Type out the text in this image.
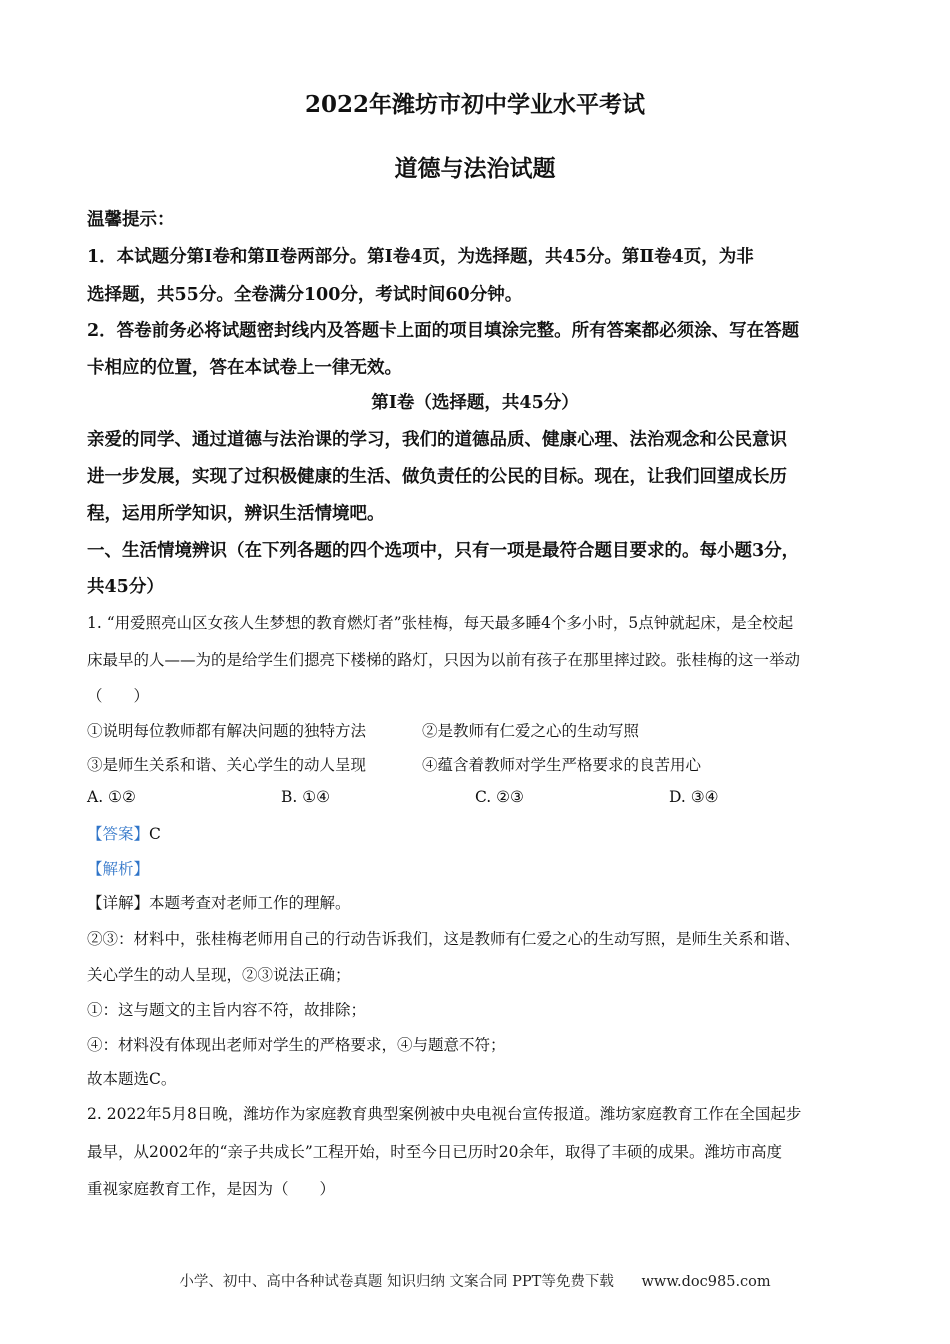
2022年潍坊市初中学业水平考试
道德与法治试题
温馨提示：
1．本试题分第Ⅰ卷和第Ⅱ卷两部分。第Ⅰ卷4页，为选择题，共45分。第Ⅱ卷4页，为非
选择题，共55分。全卷满分100分，考试时间60分钟。
2．答卷前务必将试题密封线内及答题卡上面的项目填涂完整。所有答案都必须涂、写在答题
卡相应的位置，答在本试卷上一律无效。
第Ⅰ卷（选择题，共45分）
亲爱的同学、通过道德与法治课的学习，我们的道德品质、健康心理、法治观念和公民意识
进一步发展，实现了过积极健康的生活、做负责任的公民的目标。现在，让我们回望成长历
程，运用所学知识，辨识生活情境吧。
一、生活情境辨识（在下列各题的四个选项中，只有一项是最符合题目要求的。每小题3分，
共45分）
1. “用爱照亮山区女孩人生梦想的教育燃灯者”张桂梅，每天最多睡4个多小时，5点钟就起床，是全校起
床最早的人——为的是给学生们摁亮下楼梯的路灯，只因为以前有孩子在那里摔过跤。张桂梅的这一举动
（　　）
①说明每位教师都有解决问题的独特方法	②是教师有仁爱之心的生动写照
③是师生关系和谐、关心学生的动人呈现	④蕴含着教师对学生严格要求的良苦用心
A. ①②	B. ①④	C. ②③	D. ③④
【答案】C
【解析】
【详解】本题考查对老师工作的理解。
②③：材料中，张桂梅老师用自己的行动告诉我们，这是教师有仁爱之心的生动写照，是师生关系和谐、
关心学生的动人呈现，②③说法正确；
①：这与题文的主旨内容不符，故排除；
④：材料没有体现出老师对学生的严格要求，④与题意不符；
故本题选C。
2. 2022年5月8日晚，潍坊作为家庭教育典型案例被中央电视台宣传报道。潍坊家庭教育工作在全国起步
最早，从2002年的“亲子共成长”工程开始，时至今日已历时20余年，取得了丰硕的成果。潍坊市高度
重视家庭教育工作，是因为（　　）
小学、初中、高中各种试卷真题 知识归纳 文案合同 PPT等免费下载 www.doc985.com
